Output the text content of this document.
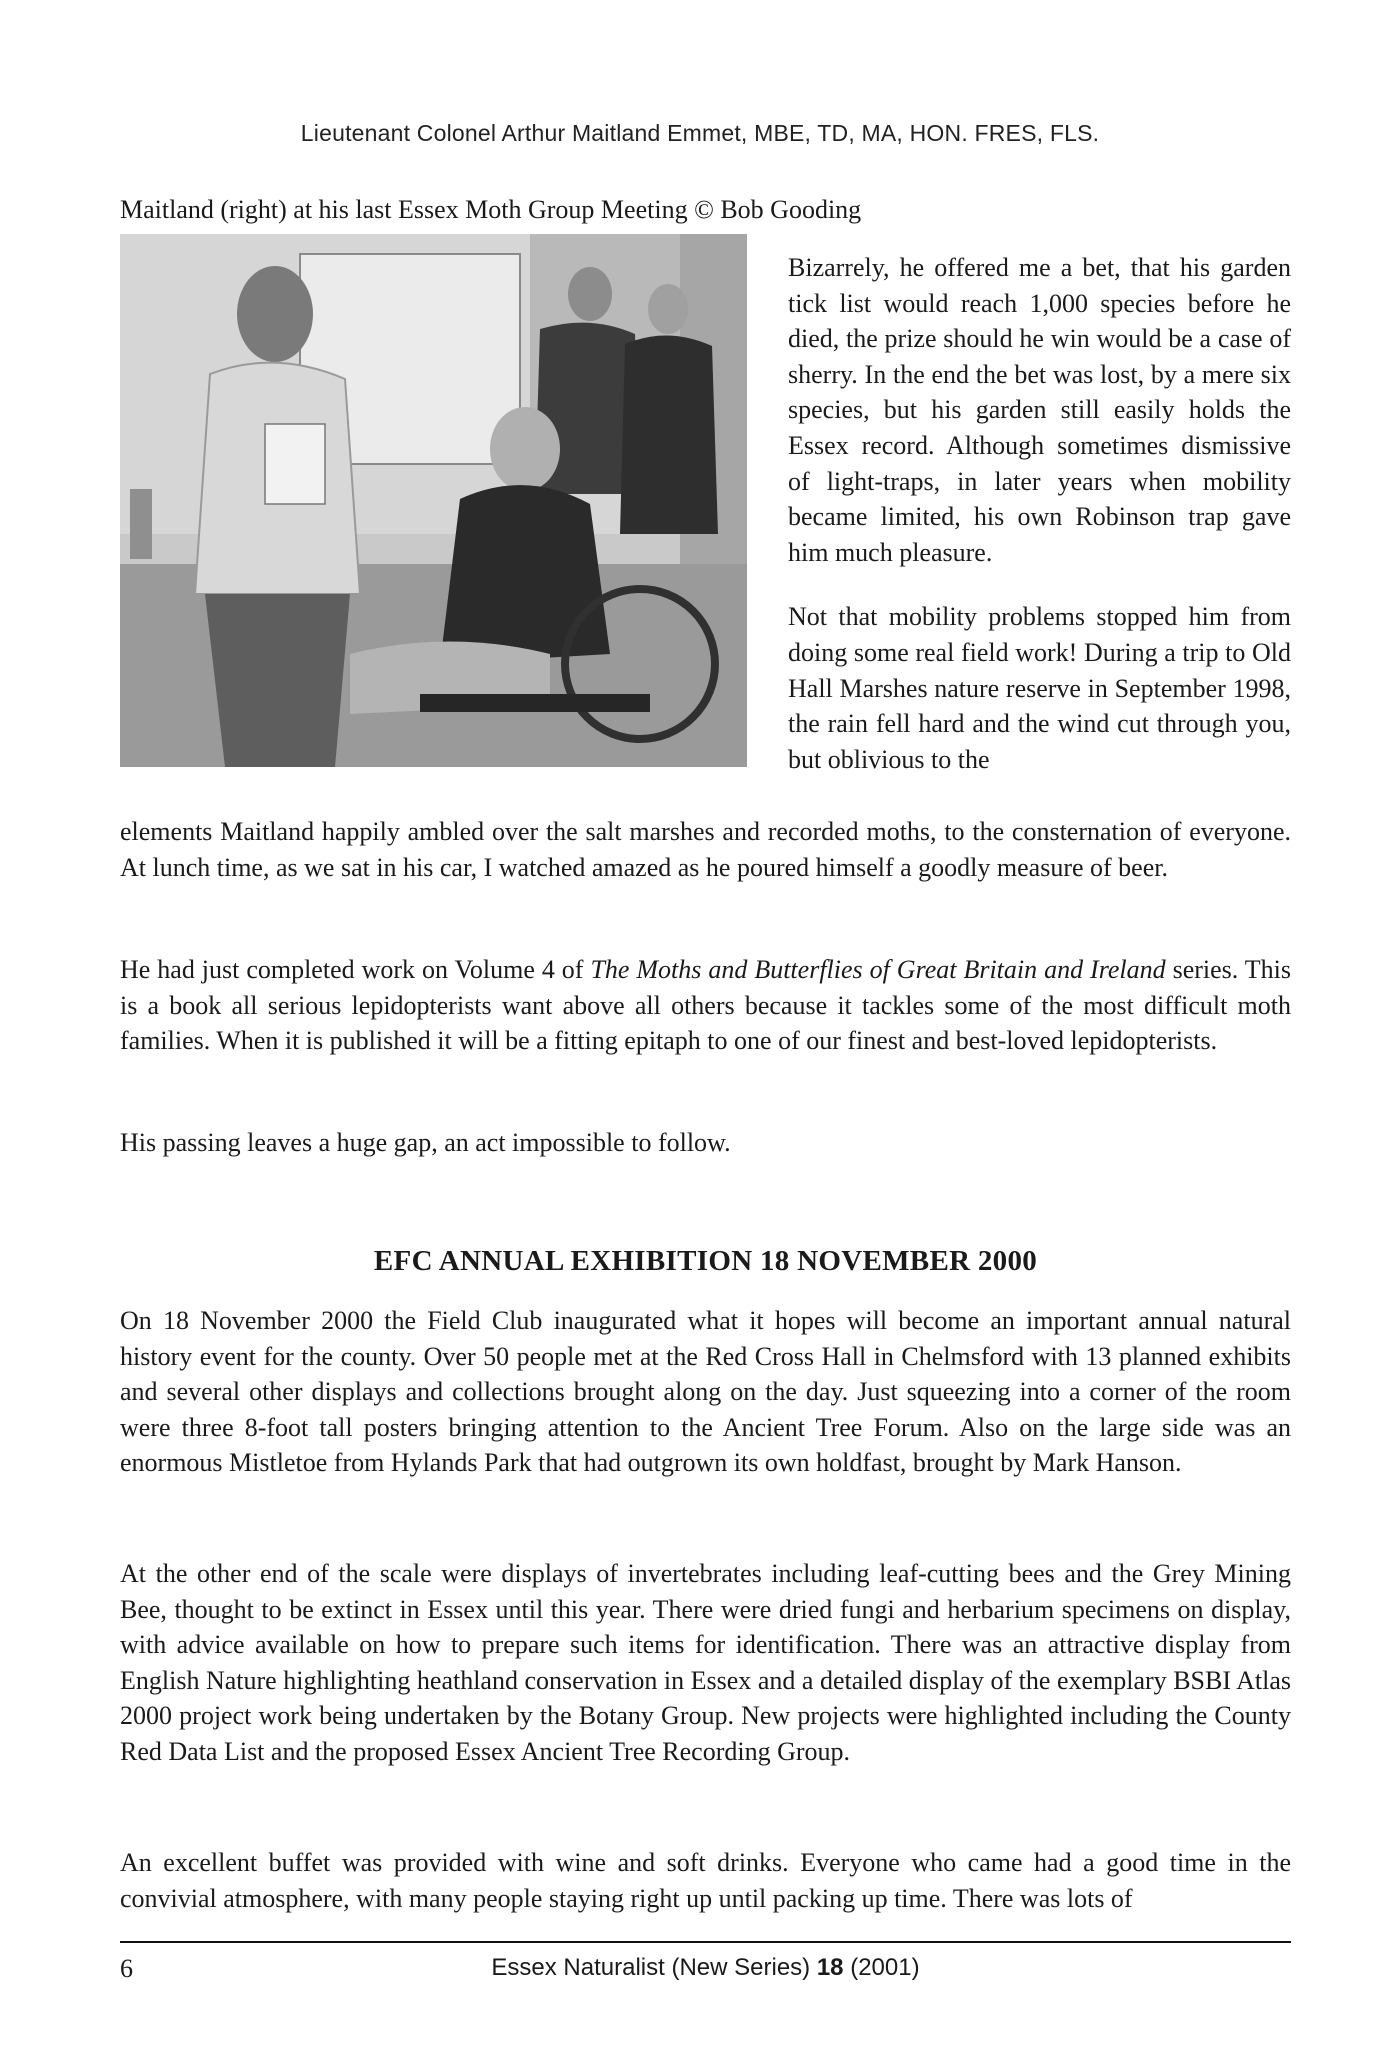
Lieutenant Colonel Arthur Maitland Emmet, MBE, TD, MA, HON. FRES, FLS.
Maitland (right) at his last Essex Moth Group Meeting © Bob Gooding

Bizarrely, he offered me a bet, that his garden tick list would reach 1,000 species before he died, the prize should he win would be a case of sherry. In the end the bet was lost, by a mere six species, but his garden still easily holds the Essex record. Although sometimes dismissive of light-traps, in later years when mobility became limited, his own Robinson trap gave him much pleasure.

Not that mobility problems stopped him from doing some real field work! During a trip to Old Hall Marshes nature reserve in September 1998, the rain fell hard and the wind cut through you, but oblivious to the

elements Maitland happily ambled over the salt marshes and recorded moths, to the consternation of everyone. At lunch time, as we sat in his car, I watched amazed as he poured himself a goodly measure of beer.

He had just completed work on Volume 4 of The Moths and Butterflies of Great Britain and Ireland series. This is a book all serious lepidopterists want above all others because it tackles some of the most difficult moth families. When it is published it will be a fitting epitaph to one of our finest and best-loved lepidopterists.

His passing leaves a huge gap, an act impossible to follow.
EFC ANNUAL EXHIBITION 18 NOVEMBER 2000
On 18 November 2000 the Field Club inaugurated what it hopes will become an important annual natural history event for the county. Over 50 people met at the Red Cross Hall in Chelmsford with 13 planned exhibits and several other displays and collections brought along on the day. Just squeezing into a corner of the room were three 8-foot tall posters bringing attention to the Ancient Tree Forum. Also on the large side was an enormous Mistletoe from Hylands Park that had outgrown its own holdfast, brought by Mark Hanson.
At the other end of the scale were displays of invertebrates including leaf-cutting bees and the Grey Mining Bee, thought to be extinct in Essex until this year. There were dried fungi and herbarium specimens on display, with advice available on how to prepare such items for identification. There was an attractive display from English Nature highlighting heathland conservation in Essex and a detailed display of the exemplary BSBI Atlas 2000 project work being undertaken by the Botany Group. New projects were highlighted including the County Red Data List and the proposed Essex Ancient Tree Recording Group.
An excellent buffet was provided with wine and soft drinks. Everyone who came had a good time in the convivial atmosphere, with many people staying right up until packing up time. There was lots of
6	Essex Naturalist (New Series) 18 (2001)
